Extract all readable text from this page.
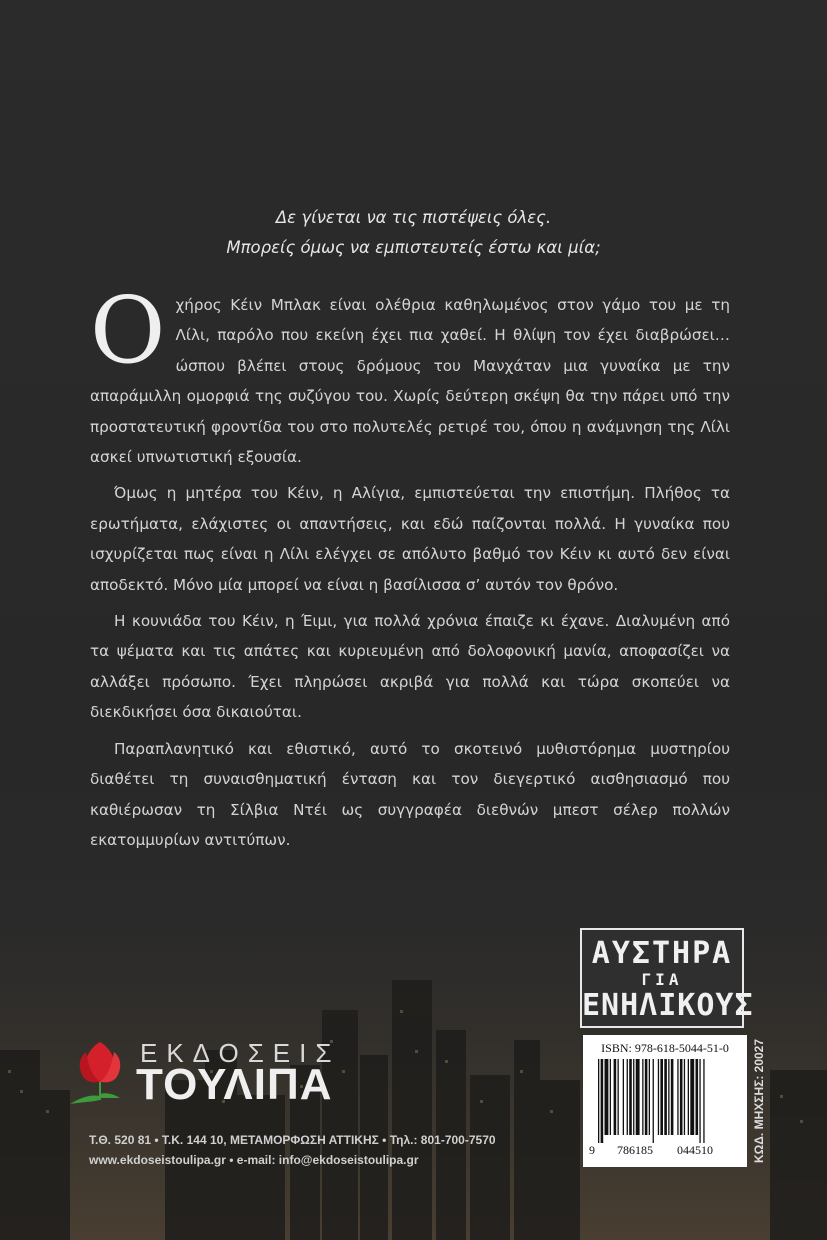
Δε γίνεται να τις πιστέψεις όλες.
Μπορείς όμως να εμπιστευτείς έστω και μία;

Οχήρος Κέιν Μπλακ είναι ολέθρια καθηλωμένος στον γάμο του με τη Λίλι, παρόλο που εκείνη έχει πια χαθεί. Η θλίψη τον έχει διαβρώσει… ώσπου βλέπει στους δρόμους του Μανχάταν μια γυναίκα με την απαράμιλλη ομορφιά της συζύγου του. Χωρίς δεύτερη σκέψη θα την πάρει υπό την προστατευτική φροντίδα του στο πολυτελές ρετιρέ του, όπου η ανάμνηση της Λίλι ασκεί υπνωτιστική εξουσία.

Όμως η μητέρα του Κέιν, η Αλίγια, εμπιστεύεται την επιστήμη. Πλήθος τα ερωτήματα, ελάχιστες οι απαντήσεις, και εδώ παίζονται πολλά. Η γυναίκα που ισχυρίζεται πως είναι η Λίλι ελέγχει σε απόλυτο βαθμό τον Κέιν κι αυτό δεν είναι αποδεκτό. Μόνο μία μπορεί να είναι η βασίλισσα σ’ αυτόν τον θρόνο.

Η κουνιάδα του Κέιν, η Έιμι, για πολλά χρόνια έπαιζε κι έχανε. Διαλυμένη από τα ψέματα και τις απάτες και κυριευμένη από δολοφονική μανία, αποφασίζει να αλλάξει πρόσωπο. Έχει πληρώσει ακριβά για πολλά και τώρα σκοπεύει να διεκδικήσει όσα δικαιούται.

Παραπλανητικό και εθιστικό, αυτό το σκοτεινό μυθιστόρημα μυστηρίου διαθέτει τη συναισθηματική ένταση και τον διεγερτικό αισθησιασμό που καθιέρωσαν τη Σίλβια Ντέι ως συγγραφέα διεθνών μπεστ σέλερ πολλών εκατομμυρίων αντιτύπων.

ΑΥΣΤΗΡΑ
ΓΙΑ
ΕΝΗΛΙΚΟΥΣ
ΕΚΔΟΣΕΙΣ
ΤΟΥΛΙΠΑ
Τ.Θ. 520 81 • Τ.Κ. 144 10, ΜΕΤΑΜΟΡΦΩΣΗ ΑΤΤΙΚΗΣ • Τηλ.: 801-700-7570
www.ekdoseistoulipa.gr • e-mail: info@ekdoseistoulipa.gr
ISBN: 978-618-5044-51-0
9 786185 044510	ΚΩΔ. ΜΗΧΣΗΣ: 20027
